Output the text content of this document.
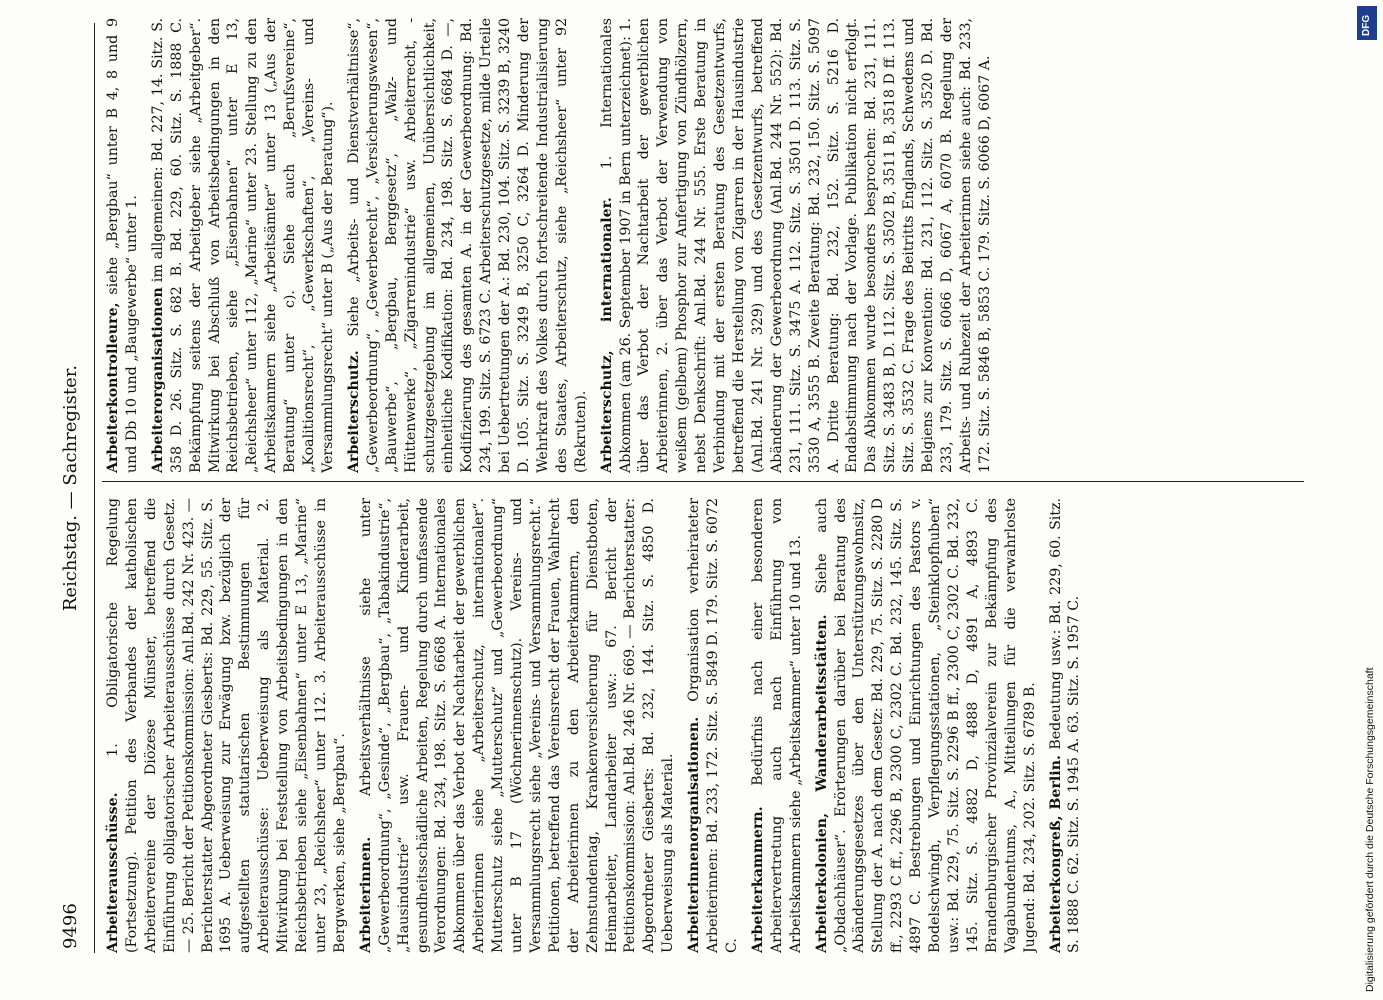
9496
Reichstag. — Sachregister.

Arbeiterausschüsse. 1. Obligatorische Regelung (Fortsetzung). Petition des Verbandes der katholischen Arbeitervereine der Diözese Münster, betreffend die Einführung obligatorischer Arbeiterausschüsse durch Gesetz. — 25. Bericht der Petitionskommission: Anl.Bd. 242 Nr. 423. — Berichterstatter Abgeordneter Giesberts: Bd. 229, 55. Sitz. S. 1695 A. Ueberweisung zur Erwägung bzw. bezüglich der aufgestellten statutarischen Bestimmungen für Arbeiterausschüsse: Ueberweisung als Material. 2. Mitwirkung bei Feststellung von Arbeitsbedingungen in den Reichsbetrieben siehe „Eisenbahnen“ unter E 13, „Marine“ unter 23, „Reichsheer“ unter 112. 3. Arbeiterausschüsse in Bergwerken, siehe „Bergbau“. Arbeiterinnen. Arbeitsverhältnisse siehe unter „Gewerbeordnung“, „Gesinde“, „Bergbau“, „Tabakindustrie“, „Hausindustrie“ usw. Frauen- und Kinderarbeit, gesundheitsschädliche Arbeiten, Regelung durch umfassende Verordnungen: Bd. 234, 198. Sitz. S. 6668 A. Internationales Abkommen über das Verbot der Nachtarbeit der gewerblichen Arbeiterinnen siehe „Arbeiterschutz, internationaler“. Mutterschutz siehe „Mutterschutz“ und „Gewerbeordnung“ unter B 17 (Wöchnerinnenschutz). Vereins- und Versammlungsrecht siehe „Vereins- und Versammlungsrecht.“ Petitionen, betreffend das Vereinsrecht der Frauen, Wahlrecht der Arbeiterinnen zu den Arbeiterkammern, den Zehnstundentag, Krankenversicherung für Dienstboten, Heimarbeiter, Landarbeiter usw.: 67. Bericht der Petitionskommission: Anl.Bd. 246 Nr. 669. — Berichterstatter: Abgeordneter Giesberts: Bd. 232, 144. Sitz. S. 4850 D. Ueberweisung als Material. Arbeiterinnenorganisationen. Organisation verheirateter Arbeiterinnen: Bd. 233, 172. Sitz. S. 5849 D. 179. Sitz. S. 6072 C. Arbeiterkammern. Bedürfnis nach einer besonderen Arbeitervertretung auch nach Einführung von Arbeitskammern siehe „Arbeitskammer“ unter 10 und 13. Arbeiterkolonien, Wanderarbeitsstätten. Siehe auch „Obdachhäuser“. Erörterungen darüber bei Beratung des Abänderungsgesetzes über den Unterstützungswohnsitz, Stellung der A. nach dem Gesetz: Bd. 229, 75. Sitz. S. 2280 D ff., 2293 C ff., 2296 B, 2300 C, 2302 C. Bd. 232, 145. Sitz. S. 4897 C. Bestrebungen und Einrichtungen des Pastors v. Bodelschwingh, Verpflegungsstationen, „Steinklopfhuben“ usw.: Bd. 229, 75. Sitz. S. 2296 B ff., 2300 C, 2302 C. Bd. 232, 145. Sitz. S. 4882 D, 4888 D, 4891 A, 4893 C. Brandenburgischer Provinzialverein zur Bekämpfung des Vagabundentums, A., Mitteilungen für die verwahrloste Jugend: Bd. 234, 202. Sitz. S. 6789 B. Arbeiterkongreß, Berlin. Bedeutung usw.: Bd. 229, 60. Sitz. S. 1888 C. 62. Sitz. S. 1945 A. 63. Sitz. S. 1957 C.

Arbeiterkontrolleure, siehe „Bergbau“ unter B 4, 8 und 9 und Db 10 und „Baugewerbe“ unter 1. Arbeiterorganisationen im allgemeinen: Bd. 227, 14. Sitz. S. 358 D. 26. Sitz. S. 682 B. Bd. 229, 60. Sitz. S. 1888 C. Bekämpfung seitens der Arbeitgeber siehe „Arbeitgeber“. Mitwirkung bei Abschluß von Arbeitsbedingungen in den Reichsbetrieben, siehe „Eisenbahnen“ unter E 13, „Reichsheer“ unter 112, „Marine“ unter 23. Stellung zu den Arbeitskammern siehe „Arbeitsämter“ unter 13 („Aus der Beratung“ unter c). Siehe auch „Berufsvereine“, „Koalitionsrecht“, „Gewerkschaften“, „Vereins- und Versammlungsrecht“ unter B („Aus der Beratung“). Arbeiterschutz. Siehe „Arbeits- und Dienstverhältnisse“, „Gewerbeordnung“, „Gewerberecht“, „Versicherungswesen“, „Bauwerbe“, „Bergbau, Berggesetz“, „Walz- und Hüttenwerke“, „Zigarrenindustrie“ usw. Arbeiterrecht, -schutzgesetzgebung im allgemeinen, Unübersichtlichkeit, einheitliche Kodifikation: Bd. 234, 198. Sitz. S. 6684 D. —, Kodifizierung des gesamten A. in der Gewerbeordnung: Bd. 234, 199. Sitz. S. 6723 C. Arbeiterschutzgesetze, milde Urteile bei Uebertretungen der A.: Bd. 230, 104. Sitz. S. 3239 B, 3240 D. 105. Sitz. S. 3249 B, 3250 C, 3264 D. Minderung der Wehrkraft des Volkes durch fortschreitende Industrialisierung des Staates, Arbeiterschutz, siehe „Reichsheer“ unter 92 (Rekruten). Arbeiterschutz, internationaler. 1. Internationales Abkommen (am 26. September 1907 in Bern unterzeichnet): 1. über das Verbot der Nachtarbeit der gewerblichen Arbeiterinnen, 2. über das Verbot der Verwendung von weißem (gelbem) Phosphor zur Anfertigung von Zündhölzern, nebst Denkschrift: Anl.Bd. 244 Nr. 555. Erste Beratung in Verbindung mit der ersten Beratung des Gesetzentwurfs, betreffend die Herstellung von Zigarren in der Hausindustrie (Anl.Bd. 241 Nr. 329) und des Gesetzentwurfs, betreffend Abänderung der Gewerbeordnung (Anl.Bd. 244 Nr. 552): Bd. 231, 111. Sitz. S. 3475 A. 112. Sitz. S. 3501 D. 113. Sitz. S. 3530 A, 3555 B. Zweite Beratung: Bd. 232, 150. Sitz. S. 5097 A. Dritte Beratung: Bd. 232, 152. Sitz. S. 5216 D. Endabstimmung nach der Vorlage. Publikation nicht erfolgt. Das Abkommen wurde besonders besprochen: Bd. 231, 111. Sitz. S. 3483 B, D. 112. Sitz. S. 3502 B, 3511 B, 3518 D ff. 113. Sitz. S. 3532 C. Frage des Beitritts Englands, Schwedens und Belgiens zur Konvention: Bd. 231, 112. Sitz. S. 3520 D. Bd. 233, 179. Sitz. S. 6066 D, 6067 A, 6070 B. Regelung der Arbeits- und Ruhezeit der Arbeiterinnen siehe auch: Bd. 233, 172. Sitz. S. 5846 B, 5853 C. 179. Sitz. S. 6066 D, 6067 A.

Digitalisierung gefördert durch die Deutsche Forschungsgemeinschaft
DFG
